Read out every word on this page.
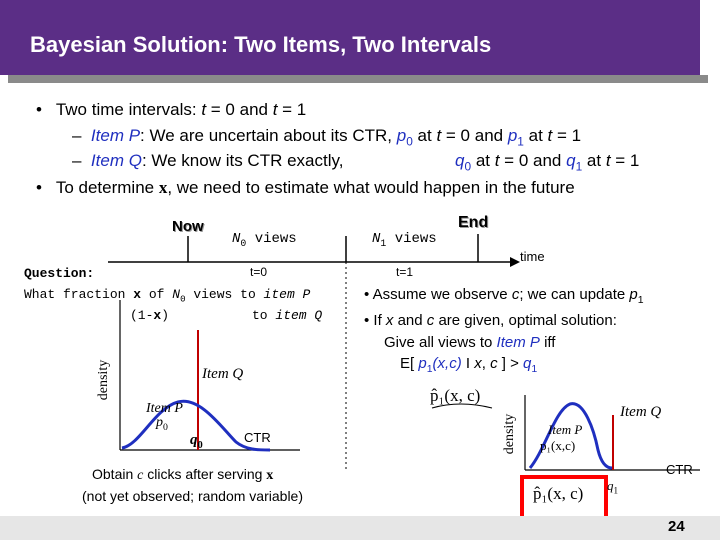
Bayesian Solution: Two Items, Two Intervals
• Two time intervals: t = 0 and t = 1
– Item P: We are uncertain about its CTR, $p_0$ at t = 0 and $p_1$ at t = 1
– Item Q: We know its CTR exactly,	$q_0$ at t = 0 and $q_1$ at t = 1
• To determine x, we need to estimate what would happen in the future
Now	End
$N_0$ views	$N_1$ views
t=0	t=1
time
Question:
What fraction x of $N_0$ views to item P
(1-x)	to item Q
density	Item Q
Item P
$p_0$
$q_0$
CTR
Obtain c clicks after serving x
(not yet observed; random variable)
• Assume we observe c; we can update $p_1$
• If x and c are given, optimal solution:
Give all views to Item P iff
E[ $p_1(x,c)$ I x, c ] > $q_1$
p̂₁(x, c)
density Item P
p₁(x,c)
Item Q
CTR
p̂₁(x, c) $q_1$
24
